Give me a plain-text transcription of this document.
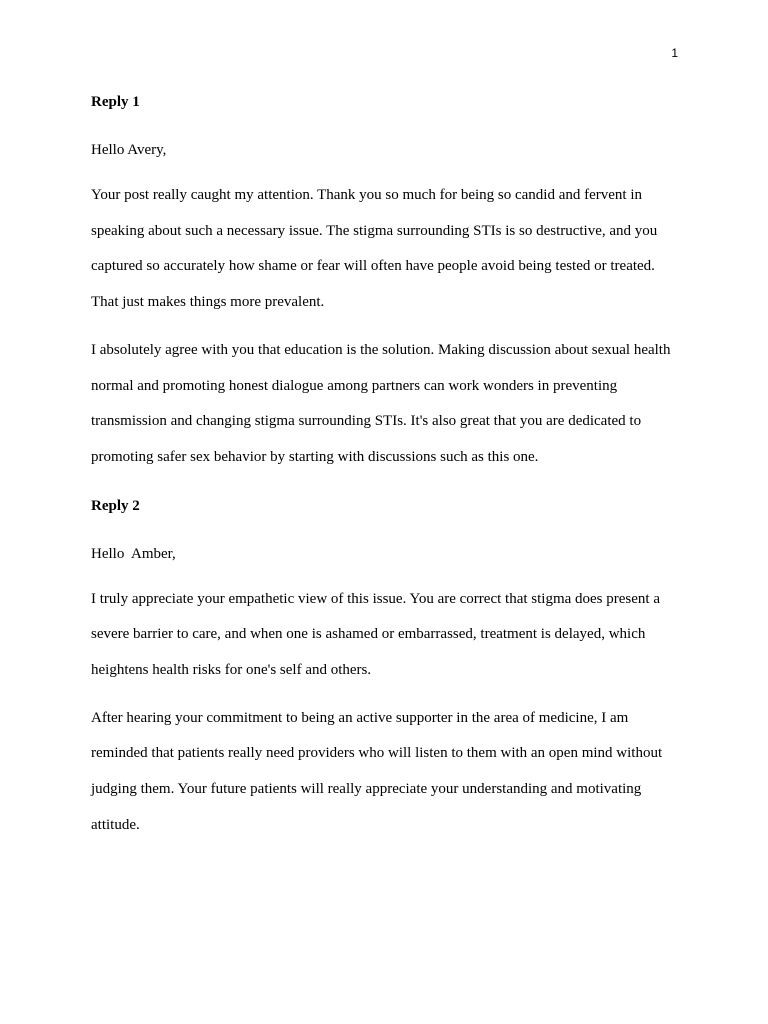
1

Reply 1

Hello Avery,

Your post really caught my attention. Thank you so much for being so candid and fervent in speaking about such a necessary issue. The stigma surrounding STIs is so destructive, and you captured so accurately how shame or fear will often have people avoid being tested or treated. That just makes things more prevalent.

I absolutely agree with you that education is the solution. Making discussion about sexual health normal and promoting honest dialogue among partners can work wonders in preventing transmission and changing stigma surrounding STIs. It's also great that you are dedicated to promoting safer sex behavior by starting with discussions such as this one.

Reply 2

Hello  Amber,

I truly appreciate your empathetic view of this issue. You are correct that stigma does present a severe barrier to care, and when one is ashamed or embarrassed, treatment is delayed, which heightens health risks for one's self and others.

After hearing your commitment to being an active supporter in the area of medicine, I am reminded that patients really need providers who will listen to them with an open mind without judging them. Your future patients will really appreciate your understanding and motivating attitude.
